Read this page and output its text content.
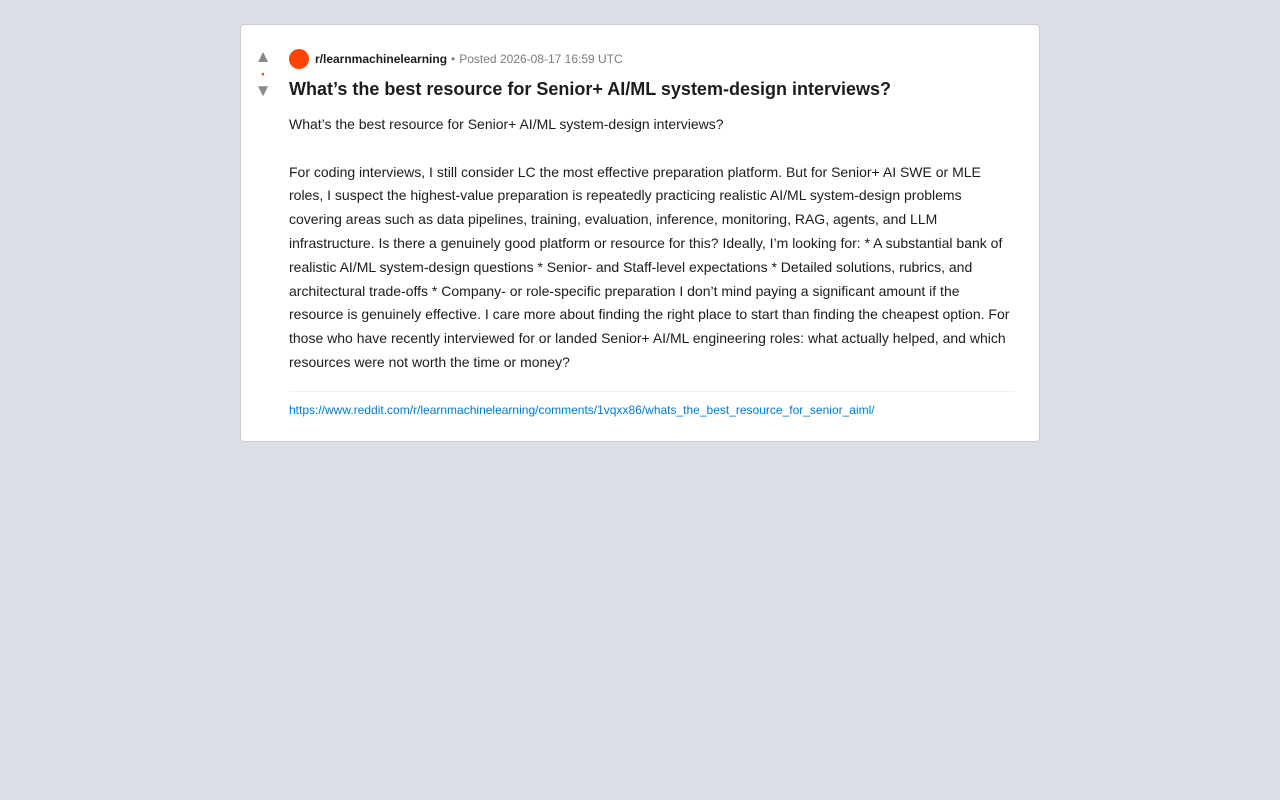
▲
•
▼
r/learnmachinelearning • Posted 2026-08-17 16:59 UTC
What’s the best resource for Senior+ AI/ML system-design interviews?

What’s the best resource for Senior+ AI/ML system-design interviews?

For coding interviews, I still consider LC the most effective preparation platform. But for Senior+ AI SWE or MLE roles, I suspect the highest-value preparation is repeatedly practicing realistic AI/ML system-design problems covering areas such as data pipelines, training, evaluation, inference, monitoring, RAG, agents, and LLM infrastructure. Is there a genuinely good platform or resource for this? Ideally, I’m looking for: * A substantial bank of realistic AI/ML system-design questions * Senior- and Staff-level expectations * Detailed solutions, rubrics, and architectural trade-offs * Company- or role-specific preparation I don’t mind paying a significant amount if the resource is genuinely effective. I care more about finding the right place to start than finding the cheapest option. For those who have recently interviewed for or landed Senior+ AI/ML engineering roles: what actually helped, and which resources were not worth the time or money?

https://www.reddit.com/r/learnmachinelearning/comments/1vqxx86/whats_the_best_resource_for_senior_aiml/
